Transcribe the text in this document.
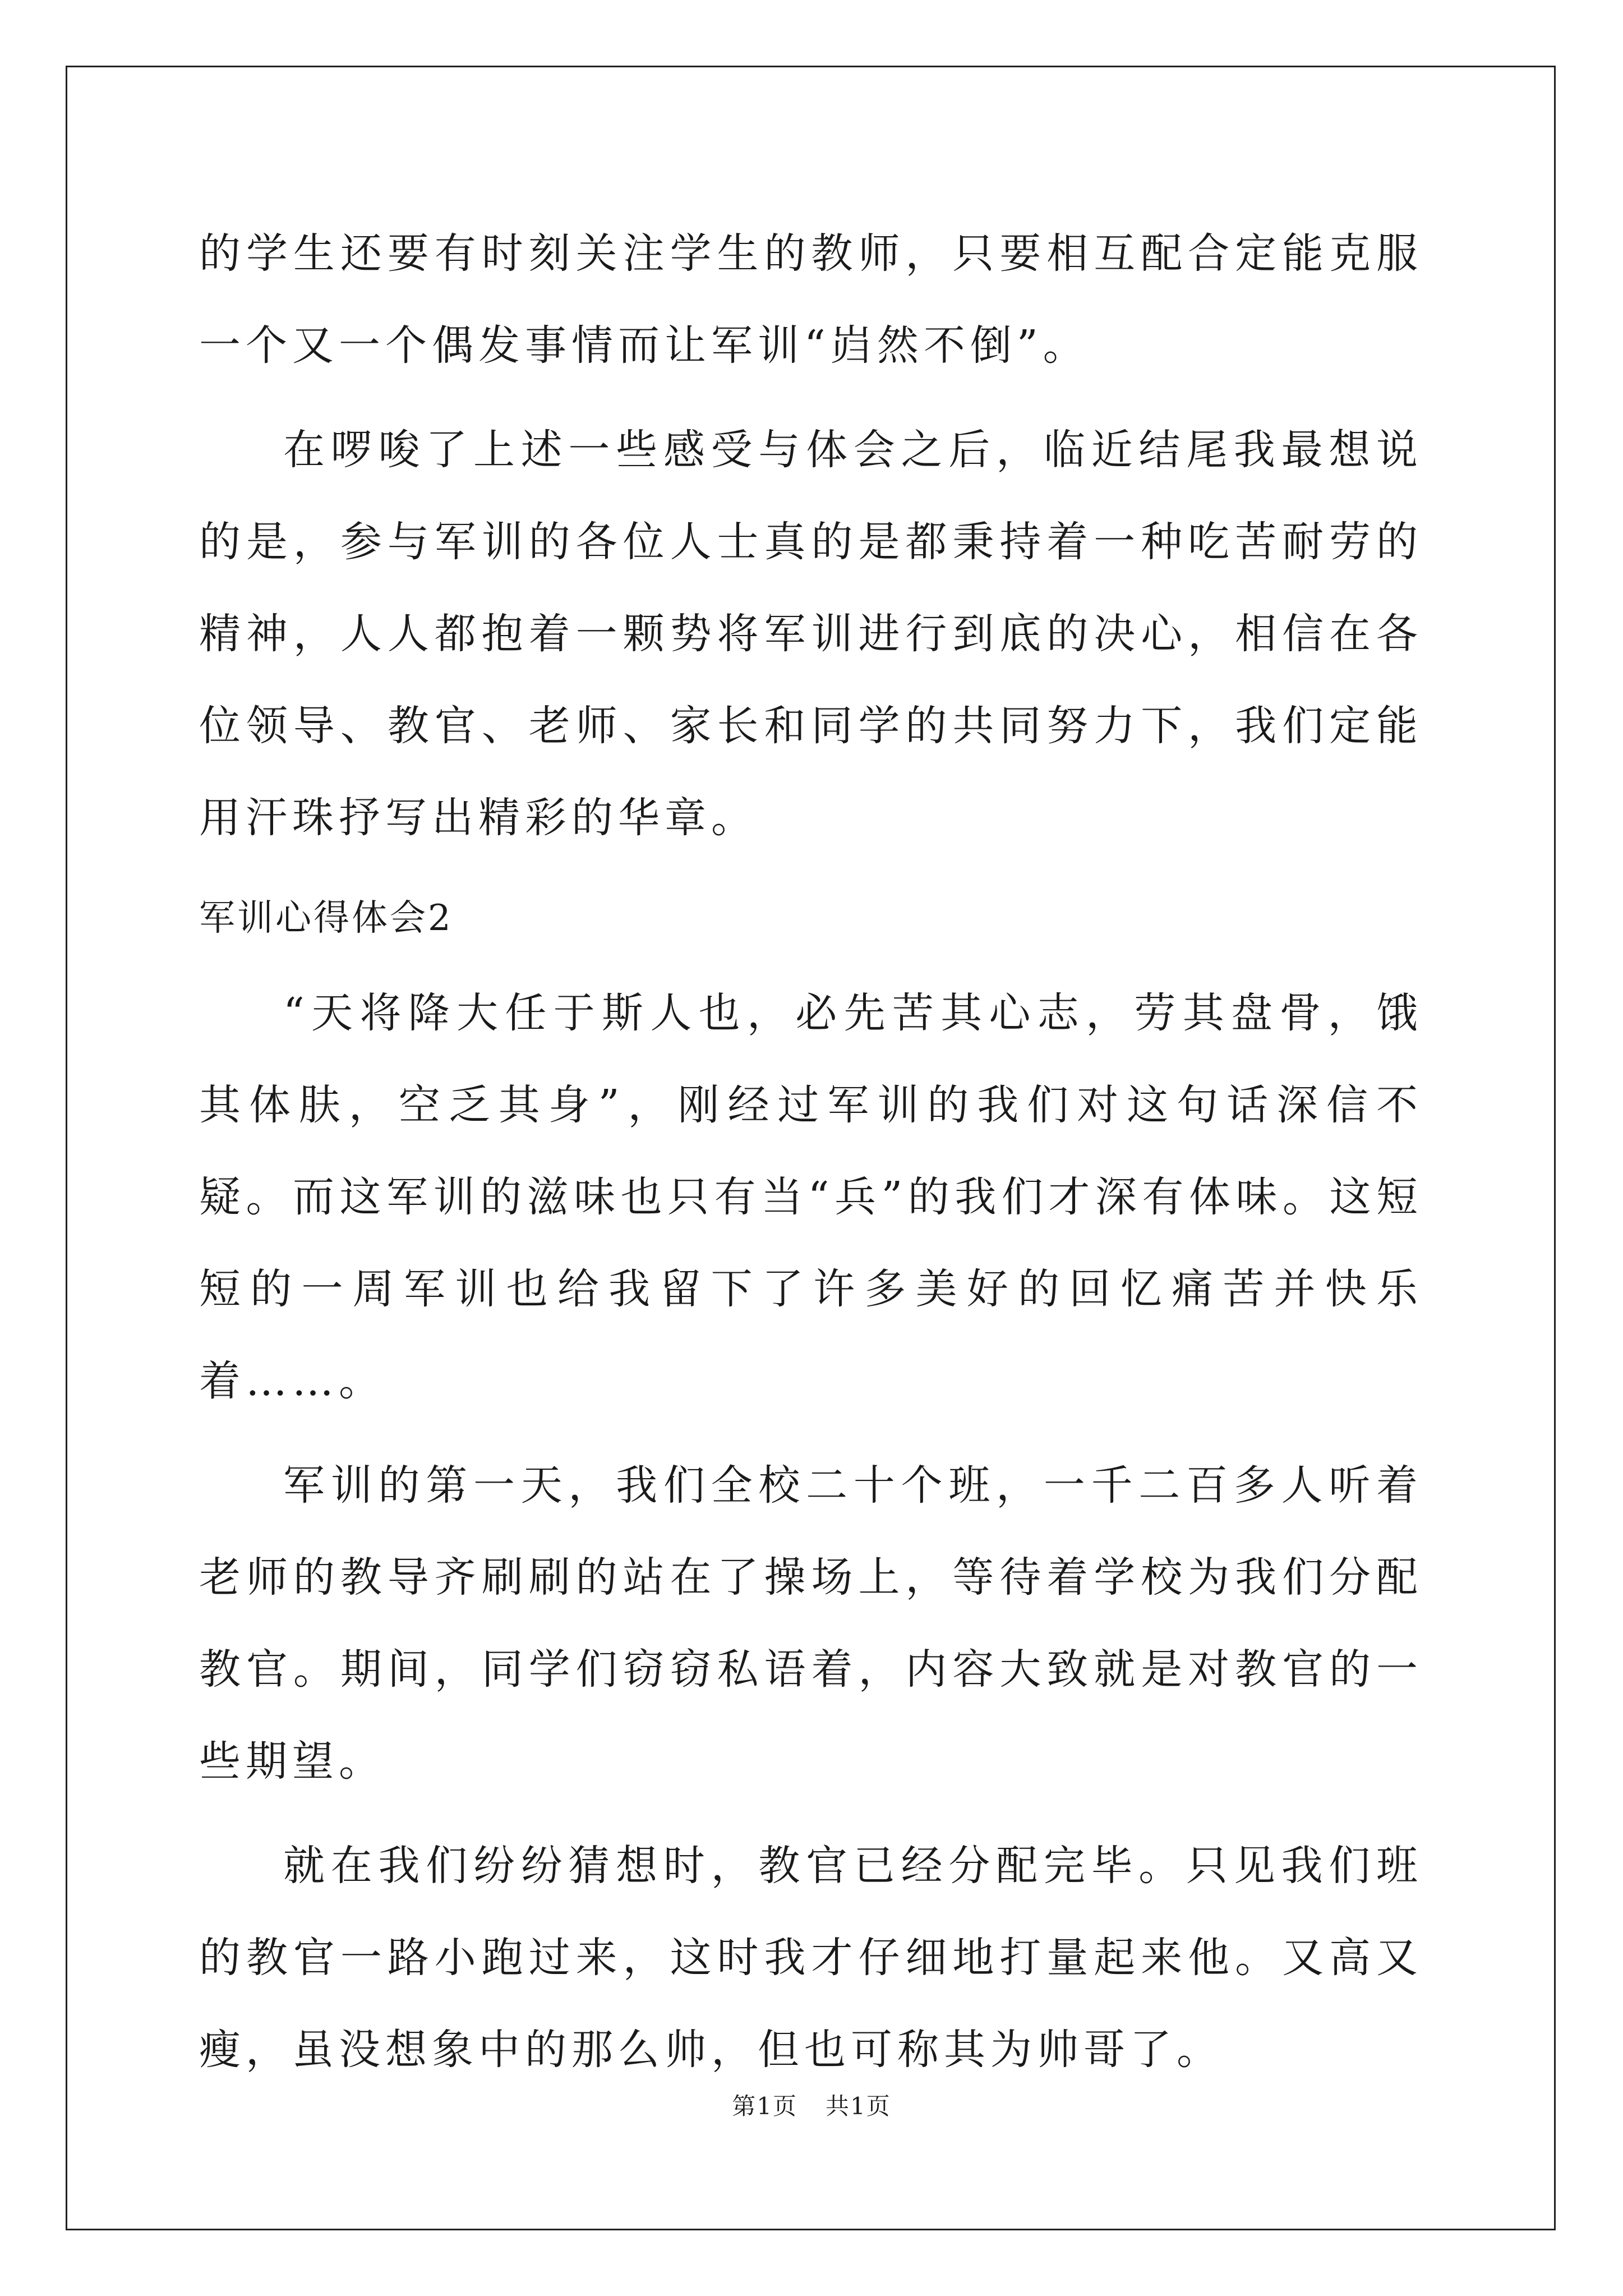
的学生还要有时刻关注学生的教师，只要相互配合定能克服一个又一个偶发事情而让军训“岿然不倒”。

在啰唆了上述一些感受与体会之后，临近结尾我最想说的是，参与军训的各位人士真的是都秉持着一种吃苦耐劳的精神，人人都抱着一颗势将军训进行到底的决心，相信在各位领导、教官、老师、家长和同学的共同努力下，我们定能用汗珠抒写出精彩的华章。

军训心得体会2

“天将降大任于斯人也，必先苦其心志，劳其盘骨，饿其体肤，空乏其身”，刚经过军训的我们对这句话深信不疑。而这军训的滋味也只有当“兵”的我们才深有体味。这短短的一周军训也给我留下了许多美好的回忆痛苦并快乐着……。

军训的第一天，我们全校二十个班，一千二百多人听着老师的教导齐刷刷的站在了操场上，等待着学校为我们分配教官。期间，同学们窃窃私语着，内容大致就是对教官的一些期望。

就在我们纷纷猜想时，教官已经分配完毕。只见我们班的教官一路小跑过来，这时我才仔细地打量起来他。又高又瘦，虽没想象中的那么帅，但也可称其为帅哥了。

第1页 共1页
